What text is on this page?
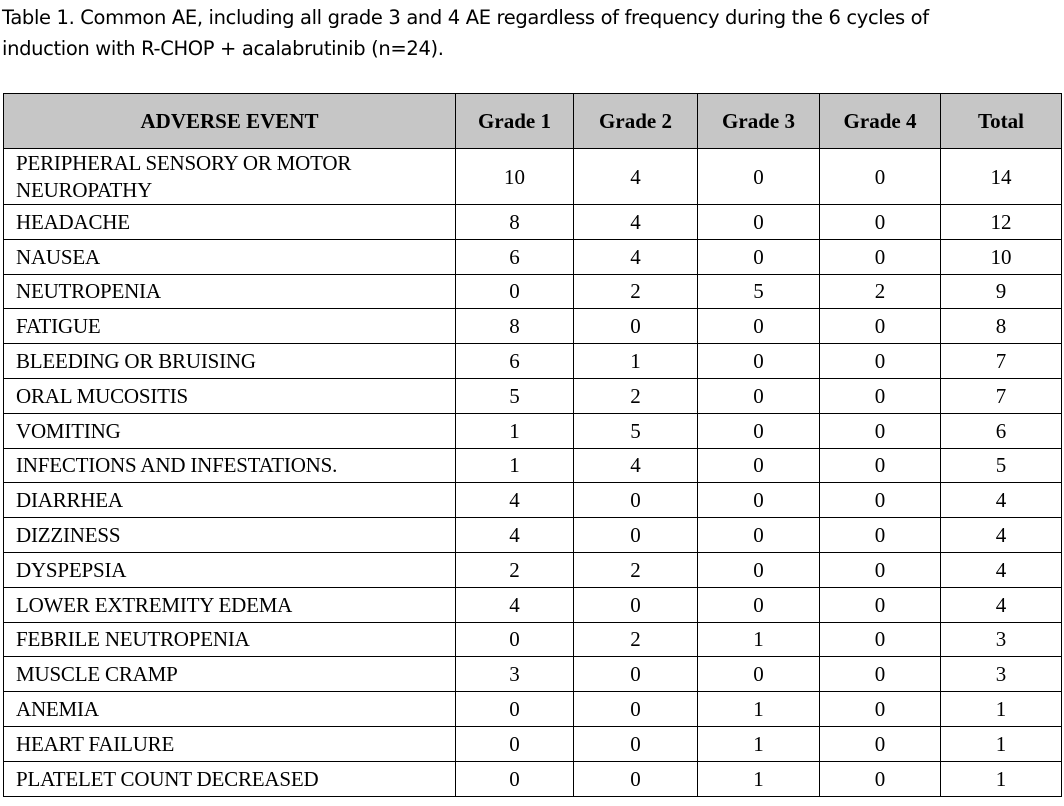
Table 1. Common AE, including all grade 3 and 4 AE regardless of frequency during the 6 cycles of
induction with R-CHOP + acalabrutinib (n=24).
ADVERSE EVENT	Grade 1	Grade 2	Grade 3	Grade 4	Total
PERIPHERAL SENSORY OR MOTOR NEUROPATHY	10	4	0	0	14
HEADACHE	8	4	0	0	12
NAUSEA	6	4	0	0	10
NEUTROPENIA	0	2	5	2	9
FATIGUE	8	0	0	0	8
BLEEDING OR BRUISING	6	1	0	0	7
ORAL MUCOSITIS	5	2	0	0	7
VOMITING	1	5	0	0	6
INFECTIONS AND INFESTATIONS.	1	4	0	0	5
DIARRHEA	4	0	0	0	4
DIZZINESS	4	0	0	0	4
DYSPEPSIA	2	2	0	0	4
LOWER EXTREMITY EDEMA	4	0	0	0	4
FEBRILE NEUTROPENIA	0	2	1	0	3
MUSCLE CRAMP	3	0	0	0	3
ANEMIA	0	0	1	0	1
HEART FAILURE	0	0	1	0	1
PLATELET COUNT DECREASED	0	0	1	0	1
